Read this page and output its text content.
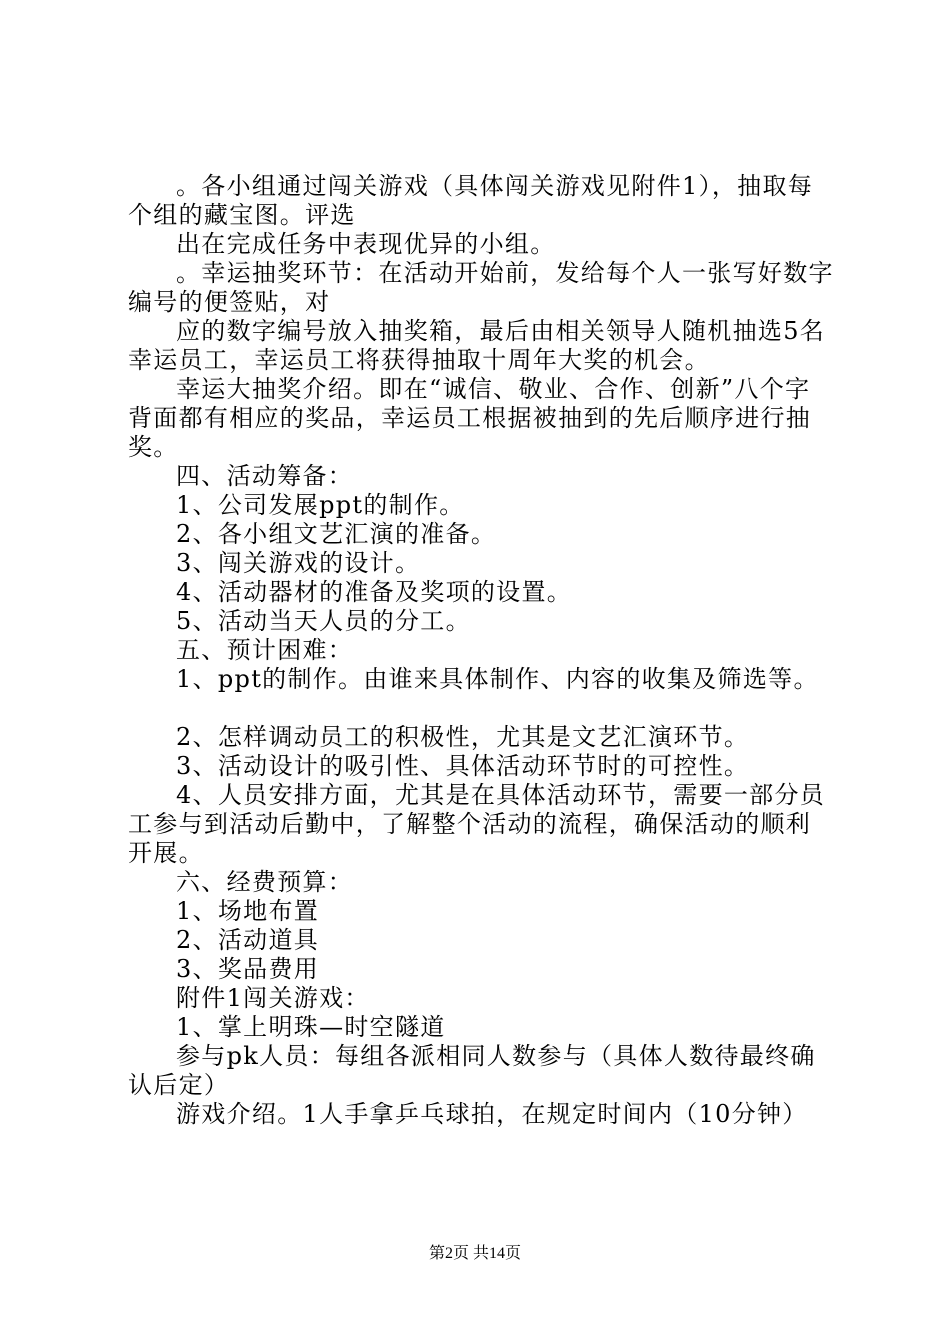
。各小组通过闯关游戏（具体闯关游戏见附件1），抽取每个组的藏宝图。评选

出在完成任务中表现优异的小组。

。幸运抽奖环节：在活动开始前，发给每个人一张写好数字编号的便签贴，对

应的数字编号放入抽奖箱，最后由相关领导人随机抽选5名幸运员工，幸运员工将获得抽取十周年大奖的机会。

幸运大抽奖介绍。即在“诚信、敬业、合作、创新”八个字背面都有相应的奖品，幸运员工根据被抽到的先后顺序进行抽奖。

四、活动筹备：

1、公司发展ppt的制作。

2、各小组文艺汇演的准备。

3、闯关游戏的设计。

4、活动器材的准备及奖项的设置。

5、活动当天人员的分工。

五、预计困难：

1、ppt的制作。由谁来具体制作、内容的收集及筛选等。

2、怎样调动员工的积极性，尤其是文艺汇演环节。

3、活动设计的吸引性、具体活动环节时的可控性。

4、人员安排方面，尤其是在具体活动环节，需要一部分员工参与到活动后勤中，了解整个活动的流程，确保活动的顺利开展。

六、经费预算：

1、场地布置

2、活动道具

3、奖品费用

附件1闯关游戏：

1、掌上明珠—时空隧道

参与pk人员：每组各派相同人数参与（具体人数待最终确认后定）

游戏介绍。1人手拿乒乓球拍，在规定时间内（10分钟）

第2页 共14页
